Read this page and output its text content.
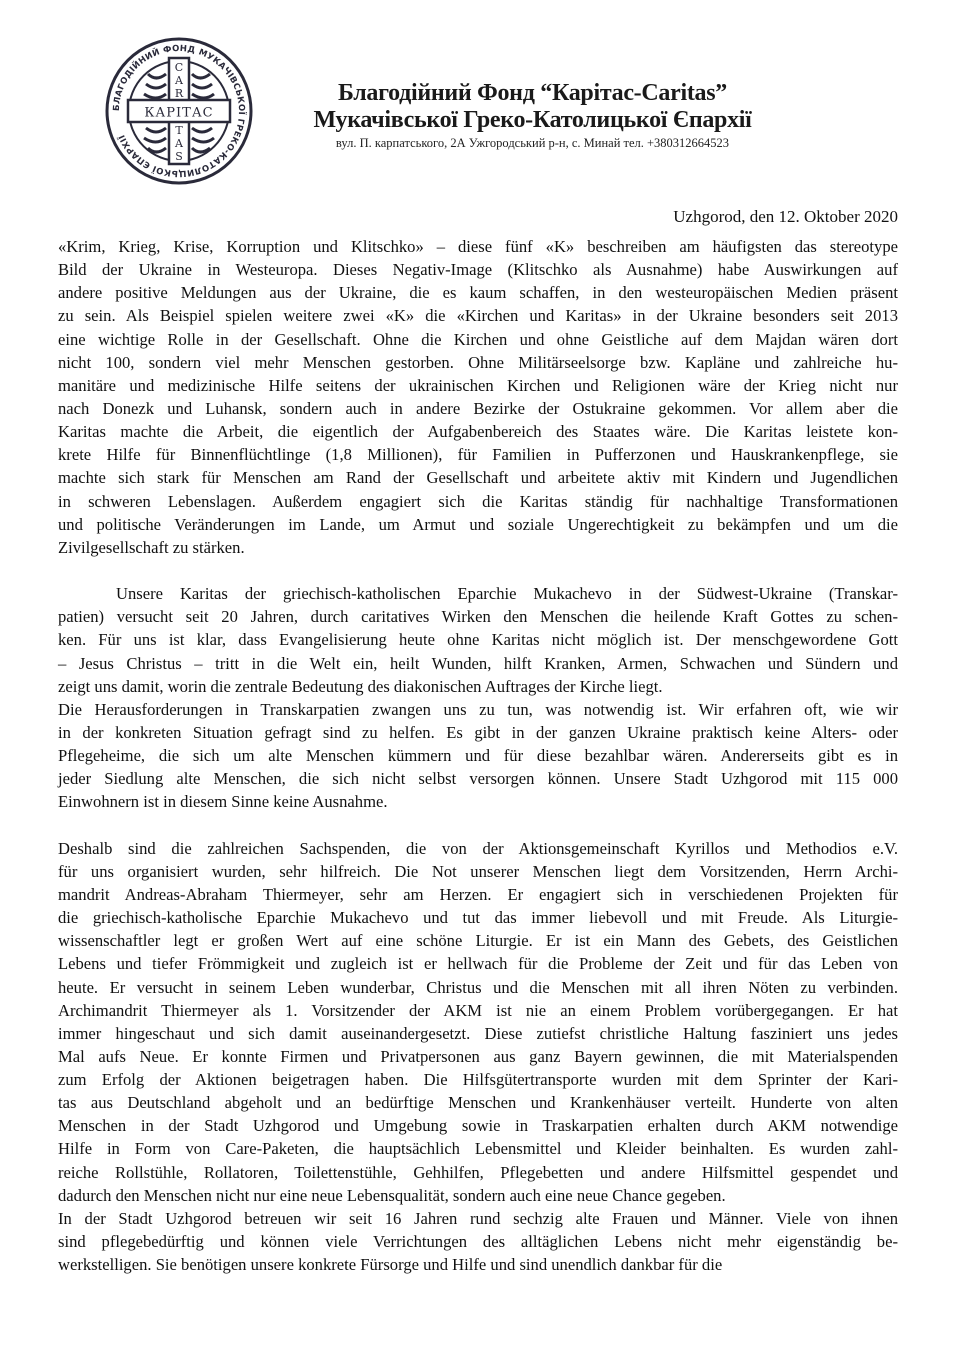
БЛАГОДІЙНИЙ ФОНД МУКАЧІВСЬКОЇ ГРЕКО-КАТОЛИЦЬКОЇ ЄПАРХІЇ
КАРІТАС
C
A
R
T
A
S
Благодійний Фонд “Карітас-Caritas”
Мукачівської Греко-Католицької Єпархії
вул. П. карпатського, 2А Ужгородський р-н, с. Минай тел. +380312664523
Uzhgorod, den 12. Oktober 2020
«Krim, Krieg, Krise, Korruption und Klitschko» – diese fünf «K» beschreiben am häufigsten das stereotype
Bild der Ukraine in Westeuropa. Dieses Negativ-Image (Klitschko als Ausnahme) habe Auswirkungen auf
andere positive Meldungen aus der Ukraine, die es kaum schaffen, in den westeuropäischen Medien präsent
zu sein. Als Beispiel spielen weitere zwei «K» die «Kirchen und Karitas» in der Ukraine besonders seit 2013
eine wichtige Rolle in der Gesellschaft. Ohne die Kirchen und ohne Geistliche auf dem Majdan wären dort
nicht 100, sondern viel mehr Menschen gestorben. Ohne Militärseelsorge bzw. Kapläne und zahlreiche hu-
manitäre und medizinische Hilfe seitens der ukrainischen Kirchen und Religionen wäre der Krieg nicht nur
nach Donezk und Luhansk, sondern auch in andere Bezirke der Ostukraine gekommen. Vor allem aber die
Karitas machte die Arbeit, die eigentlich der Aufgabenbereich des Staates wäre. Die Karitas leistete kon-
krete Hilfe für Binnenflüchtlinge (1,8 Millionen), für Familien in Pufferzonen und Hauskrankenpflege, sie
machte sich stark für Menschen am Rand der Gesellschaft und arbeitete aktiv mit Kindern und Jugendlichen
in schweren Lebenslagen. Außerdem engagiert sich die Karitas ständig für nachhaltige Transformationen
und politische Veränderungen im Lande, um Armut und soziale Ungerechtigkeit zu bekämpfen und um die
Zivilgesellschaft zu stärken.
Unsere Karitas der griechisch-katholischen Eparchie Mukachevo in der Südwest-Ukraine (Transkar-
patien) versucht seit 20 Jahren, durch caritatives Wirken den Menschen die heilende Kraft Gottes zu schen-
ken. Für uns ist klar, dass Evangelisierung heute ohne Karitas nicht möglich ist. Der menschgewordene Gott
– Jesus Christus – tritt in die Welt ein, heilt Wunden, hilft Kranken, Armen, Schwachen und Sündern und
zeigt uns damit, worin die zentrale Bedeutung des diakonischen Auftrages der Kirche liegt.
Die Herausforderungen in Transkarpatien zwangen uns zu tun, was notwendig ist. Wir erfahren oft, wie wir
in der konkreten Situation gefragt sind zu helfen. Es gibt in der ganzen Ukraine praktisch keine Alters- oder
Pflegeheime, die sich um alte Menschen kümmern und für diese bezahlbar wären. Andererseits gibt es in
jeder Siedlung alte Menschen, die sich nicht selbst versorgen können. Unsere Stadt Uzhgorod mit 115 000
Einwohnern ist in diesem Sinne keine Ausnahme.
Deshalb sind die zahlreichen Sachspenden, die von der Aktionsgemeinschaft Kyrillos und Methodios e.V.
für uns organisiert wurden, sehr hilfreich. Die Not unserer Menschen liegt dem Vorsitzenden, Herrn Archi-
mandrit Andreas-Abraham Thiermeyer, sehr am Herzen. Er engagiert sich in verschiedenen Projekten für
die griechisch-katholische Eparchie Mukachevo und tut das immer liebevoll und mit Freude. Als Liturgie-
wissenschaftler legt er großen Wert auf eine schöne Liturgie. Er ist ein Mann des Gebets, des Geistlichen
Lebens und tiefer Frömmigkeit und zugleich ist er hellwach für die Probleme der Zeit und für das Leben von
heute. Er versucht in seinem Leben wunderbar, Christus und die Menschen mit all ihren Nöten zu verbinden.
Archimandrit Thiermeyer als 1. Vorsitzender der AKM ist nie an einem Problem vorübergegangen. Er hat
immer hingeschaut und sich damit auseinandergesetzt. Diese zutiefst christliche Haltung fasziniert uns jedes
Mal aufs Neue. Er konnte Firmen und Privatpersonen aus ganz Bayern gewinnen, die mit Materialspenden
zum Erfolg der Aktionen beigetragen haben. Die Hilfsgütertransporte wurden mit dem Sprinter der Kari-
tas aus Deutschland abgeholt und an bedürftige Menschen und Krankenhäuser verteilt. Hunderte von alten
Menschen in der Stadt Uzhgorod und Umgebung sowie in Traskarpatien erhalten durch AKM notwendige
Hilfe in Form von Care-Paketen, die hauptsächlich Lebensmittel und Kleider beinhalten. Es wurden zahl-
reiche Rollstühle, Rollatoren, Toilettenstühle, Gehhilfen, Pflegebetten und andere Hilfsmittel gespendet und
dadurch den Menschen nicht nur eine neue Lebensqualität, sondern auch eine neue Chance gegeben.
In der Stadt Uzhgorod betreuen wir seit 16 Jahren rund sechzig alte Frauen und Männer. Viele von ihnen
sind pflegebedürftig und können viele Verrichtungen des alltäglichen Lebens nicht mehr eigenständig be-
werkstelligen. Sie benötigen unsere konkrete Fürsorge und Hilfe und sind unendlich dankbar für die
